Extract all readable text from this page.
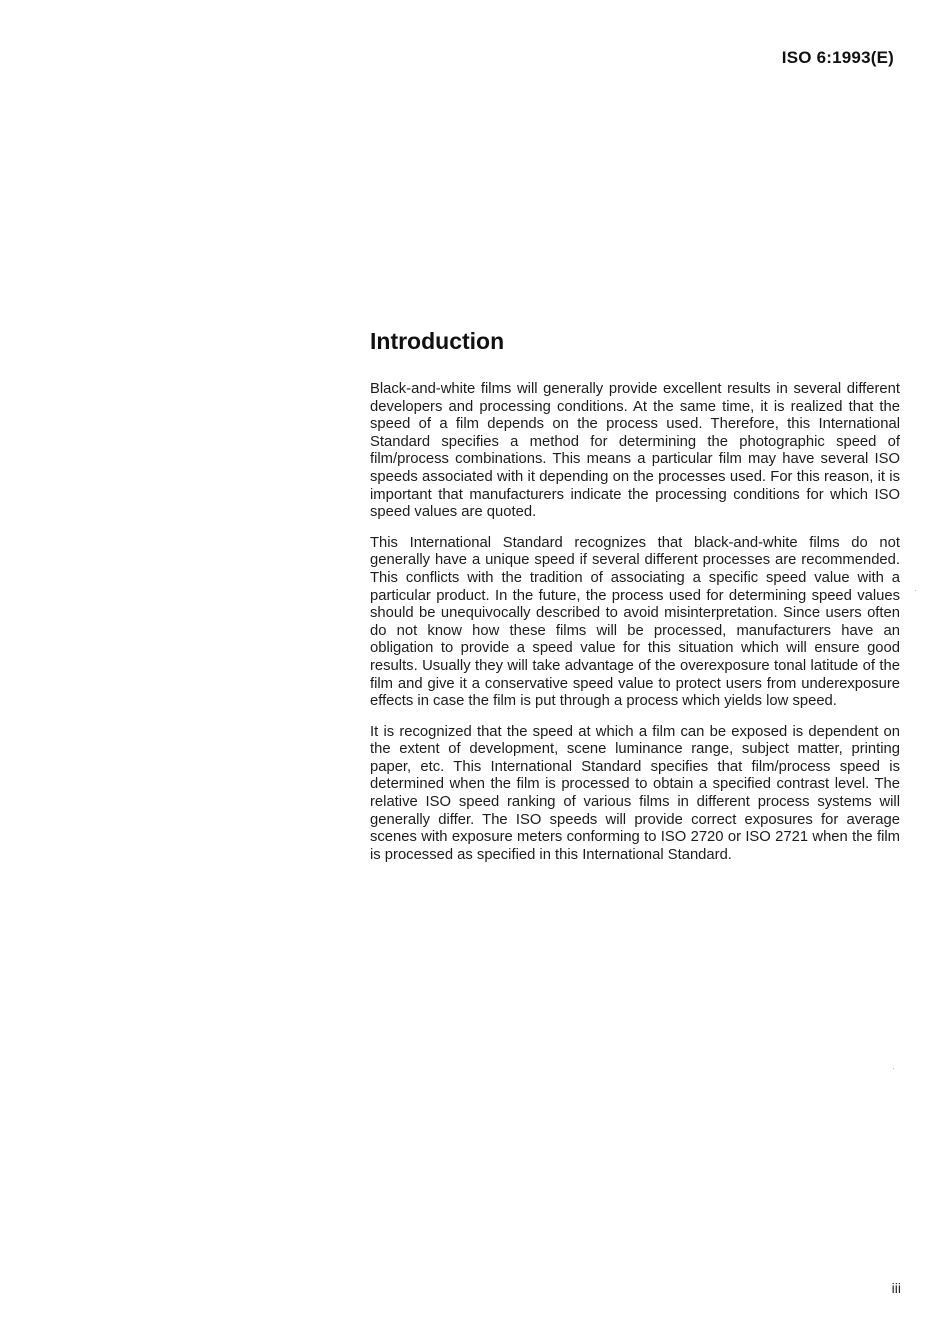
ISO 6:1993(E)
Introduction

Black-and-white films will generally provide excellent results in several different developers and processing conditions. At the same time, it is realized that the speed of a film depends on the process used. Therefore, this International Standard specifies a method for determining the photographic speed of film/process combinations. This means a particular film may have several ISO speeds associated with it depending on the processes used. For this reason, it is important that manufacturers indicate the processing conditions for which ISO speed values are quoted.

This International Standard recognizes that black-and-white films do not generally have a unique speed if several different processes are recommended. This conflicts with the tradition of associating a specific speed value with a particular product. In the future, the process used for determining speed values should be unequivocally described to avoid misinterpretation. Since users often do not know how these films will be processed, manufacturers have an obligation to provide a speed value for this situation which will ensure good results. Usually they will take advantage of the overexposure tonal latitude of the film and give it a conservative speed value to protect users from underexposure effects in case the film is put through a process which yields low speed.

It is recognized that the speed at which a film can be exposed is dependent on the extent of development, scene luminance range, subject matter, printing paper, etc. This International Standard specifies that film/process speed is determined when the film is processed to obtain a specified contrast level. The relative ISO speed ranking of various films in different process systems will generally differ. The ISO speeds will provide correct exposures for average scenes with exposure meters conforming to ISO 2720 or ISO 2721 when the film is processed as specified in this International Standard.

iii
